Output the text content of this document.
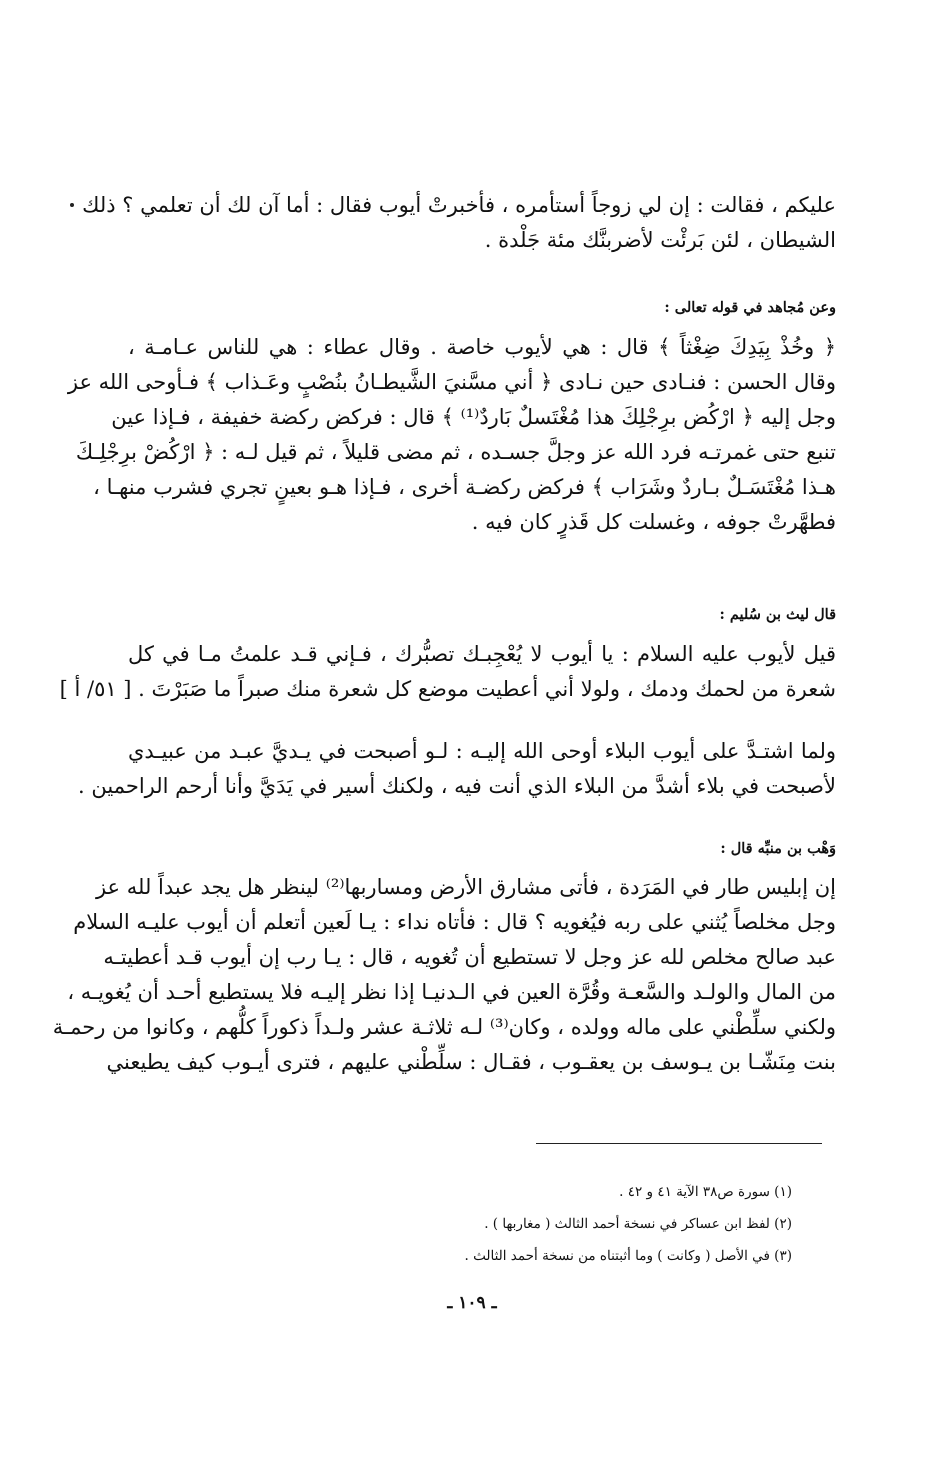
عليكم ، فقالت : إن لي زوجاً أستأمره ، فأخبرتْ أيوب فقال : أما آن لك أن تعلمي ؟ ذلك
الشيطان ، لئن بَرئْت لأضربنَّك مئة جَلْدة .
وعن مُجاهد في قوله تعالى :
﴿ وخُذْ بِيَدِكَ ضِغْثاً ﴾ قال : هي لأيوب خاصة . وقال عطاء : هي للناس عـامـة ،
وقال الحسن : فنـادى حين نـادى ﴿ أني مسَّنيَ الشَّيطـانُ بنُصْبٍ وعَـذاب ﴾ فـأوحى الله عز
وجل إليه ﴿ ارْكُض برِجْلِكَ هذا مُغْتَسلٌ بَاردٌ⁽¹⁾ ﴾ قال : فركض ركضة خفيفة ، فـإذا عين
تنبع حتى غمرتـه فرد الله عز وجلَّ جسـده ، ثم مضى قليلاً ، ثم قيل لـه : ﴿ ارْكُضْ برِجْلِـكَ
هـذا مُغْتَسَـلٌ بـاردٌ وشَرَاب ﴾ فركض ركضـة أخرى ، فـإذا هـو بعينٍ تجري فشرب منهـا ،
فطهَّرتْ جوفه ، وغسلت كل قَذرٍ كان فيه .
قال ليث بن سُليم :
قيل لأيوب عليه السلام : يا أيوب لا يُعْجِبـك تصبُّرك ، فـإني قـد علمتُ مـا في كل
شعرة من لحمك ودمك ، ولولا أني أعطيت موضع كل شعرة منك صبراً ما صَبَرْتَ . [ ٥١/ أ ]
ولما اشتـدَّ على أيوب البلاء أوحى الله إليـه : لـو أصبحت في يـديَّ عبـد من عبيـدي
لأصبحت في بلاء أشدَّ من البلاء الذي أنت فيه ، ولكنك أسير في يَدَيَّ وأنا أرحم الراحمين .
وَهْب بن منبِّه قال :
إن إبليس طار في المَرَدة ، فأتى مشارق الأرض ومساربها⁽²⁾ لينظر هل يجد عبداً لله عز
وجل مخلصاً يُثني على ربه فيُغويه ؟ قال : فأتاه نداء : يـا لَعين أتعلم أن أيوب عليـه السلام
عبد صالح مخلص لله عز وجل لا تستطيع أن تُغويه ، قال : يـا رب إن أيوب قـد أعطيتـه
من المال والولـد والسَّعـة وقُرَّة العين في الـدنيـا إذا نظر إليـه فلا يستطيع أحـد أن يُغويـه ،
ولكني سلِّطْني على ماله وولده ، وكان⁽³⁾ لـه ثلاثـة عشر ولـداً ذكوراً كلُّهم ، وكانوا من رحمـة
بنت مِنَشّـا بن يـوسف بن يعقـوب ، فقـال : سلِّطْني عليهم ، فترى أيـوب كيف يطيعني
(١) سورة ص٣٨ الآية ٤١ و ٤٢ .
(٢) لفظ ابن عساكر في نسخة أحمد الثالث ( مغاربها ) .
(٣) في الأصل ( وكانت ) وما أثبتناه من نسخة أحمد الثالث .
ـ ١٠٩ ـ
